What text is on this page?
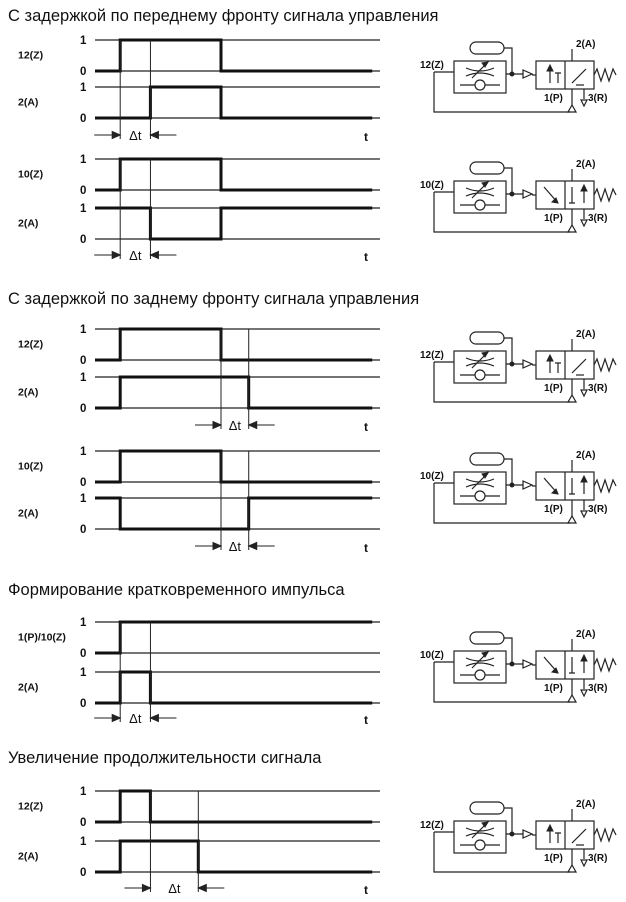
С задержкой по переднему фронту сигнала управления
1
0
12(Z)
1
0
2(A)
Δt	t
12(Z)
2(A)
1(P)	3(R)
1
0
10(Z)
1
0
2(A)
Δt	t
10(Z)
2(A)
1(P)	3(R)
С задержкой по заднему фронту сигнала управления
1
0
12(Z)
1
0
2(A)
Δt	t
12(Z)
2(A)
1(P)	3(R)
1
0
10(Z)
1
0
2(A)
Δt	t
10(Z)
2(A)
1(P)	3(R)
Формирование кратковременного импульса
1
0
1(P)/10(Z)
1
0
2(A)
Δt	t
10(Z)
2(A)
1(P)	3(R)
Увеличение продолжительности сигнала
1
0
12(Z)
1
0
2(A)
Δt	t
12(Z)
2(A)
1(P)	3(R)
